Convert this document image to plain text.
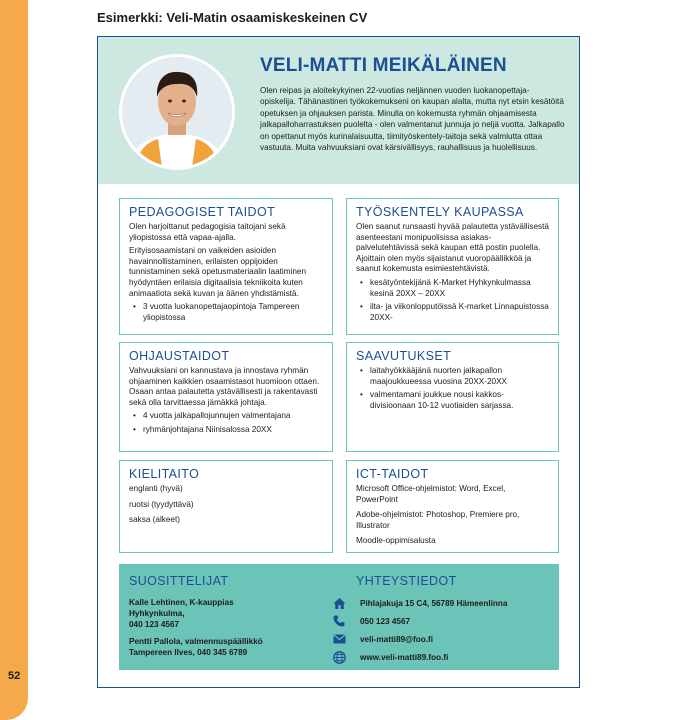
52
Esimerkki: Veli-Matin osaamiskeskeinen CV
VELI-MATTI MEIKÄLÄINEN
Olen reipas ja aloitekykyinen 22-vuotias neljännen vuoden luokanopettaja-opiskelija. Tähänastinen työkokemukseni on kaupan alalta, mutta nyt etsin kesätöitä opetuksen ja ohjauksen parista. Minulla on kokemusta ryhmän ohjaamisesta jalkapalloharrastuksen puolelta - olen valmentanut junnuja jo neljä vuotta. Jalkapallo on opettanut myös kurinalaisuutta, tiimityöskentely-taitoja sekä valmiutta ottaa vastuuta. Muita vahvuuksiani ovat kärsivällisyys, rauhallisuus ja huolellisuus.
PEDAGOGISET TAIDOT

Olen harjoittanut pedagogisia taitojani sekä yliopistossa että vapaa-ajalla.

Erityisosaamistani on vaikeiden asioiden havainnollistaminen, erilaisten oppijoiden tunnistaminen sekä opetusmateriaalin laatiminen hyödyntäen erilaisia digitaalisia tekniikoita kuten animaatiota sekä kuvan ja äänen yhdistämistä.

• 3 vuotta luokanopettajaopintoja Tampereen yliopistossa
TYÖSKENTELY KAUPASSA

Olen saanut runsaasti hyvää palautetta ystävällisestä asenteestani monipuolisissa asiakas-palvelutehtävissä sekä kaupan että postin puolella. Ajoittain olen myös sijaistanut vuoropäällikköä ja saanut kokemusta esimiestehtävistä.

• kesätyöntekijänä K-Market Hyhkynkulmassa kesinä 20XX – 20XX
• ilta- ja viikonlopputöissä K-market Linnapuistossa 20XX-
OHJAUSTAIDOT

Vahvuuksiani on kannustava ja innostava ryhmän ohjaaminen kaikkien osaamistasot huomioon ottaen. Osaan antaa palautetta ystävällisesti ja rakentavasti sekä olla tarvittaessa jämäkkä johtaja.

• 4 vuotta jalkapallojunnujen valmentajana
• ryhmänjohtajana Niinisalossa 20XX
SAAVUTUKSET
• laitahyökkääjänä nuorten jalkapallon maajoukkueessa vuosina 20XX-20XX
• valmentamani joukkue nousi kakkos-divisioonaan 10-12 vuotiaiden sarjassa.
KIELITAITO

englanti (hyvä)

ruotsi (tyydyttävä)

saksa (alkeet)

ICT-TAIDOT

Microsoft Office-ohjelmistot: Word, Excel, PowerPoint

Adobe-ohjelmistot: Photoshop, Premiere pro, Illustrator

Moodle-oppimisalusta

SUOSITTELIJAT
Kalle Lehtinen, K-kauppias
Hyhkynkulma,
040 123 4567
Pentti Pallola, valmennuspäällikkö
Tampereen Ilves, 040 345 6789
YHTEYSTIEDOT
Pihlajakuja 15 C4, 56789 Hämeenlinna
050 123 4567
veli-matti89@foo.fi
www.veli-matti89.foo.fi
